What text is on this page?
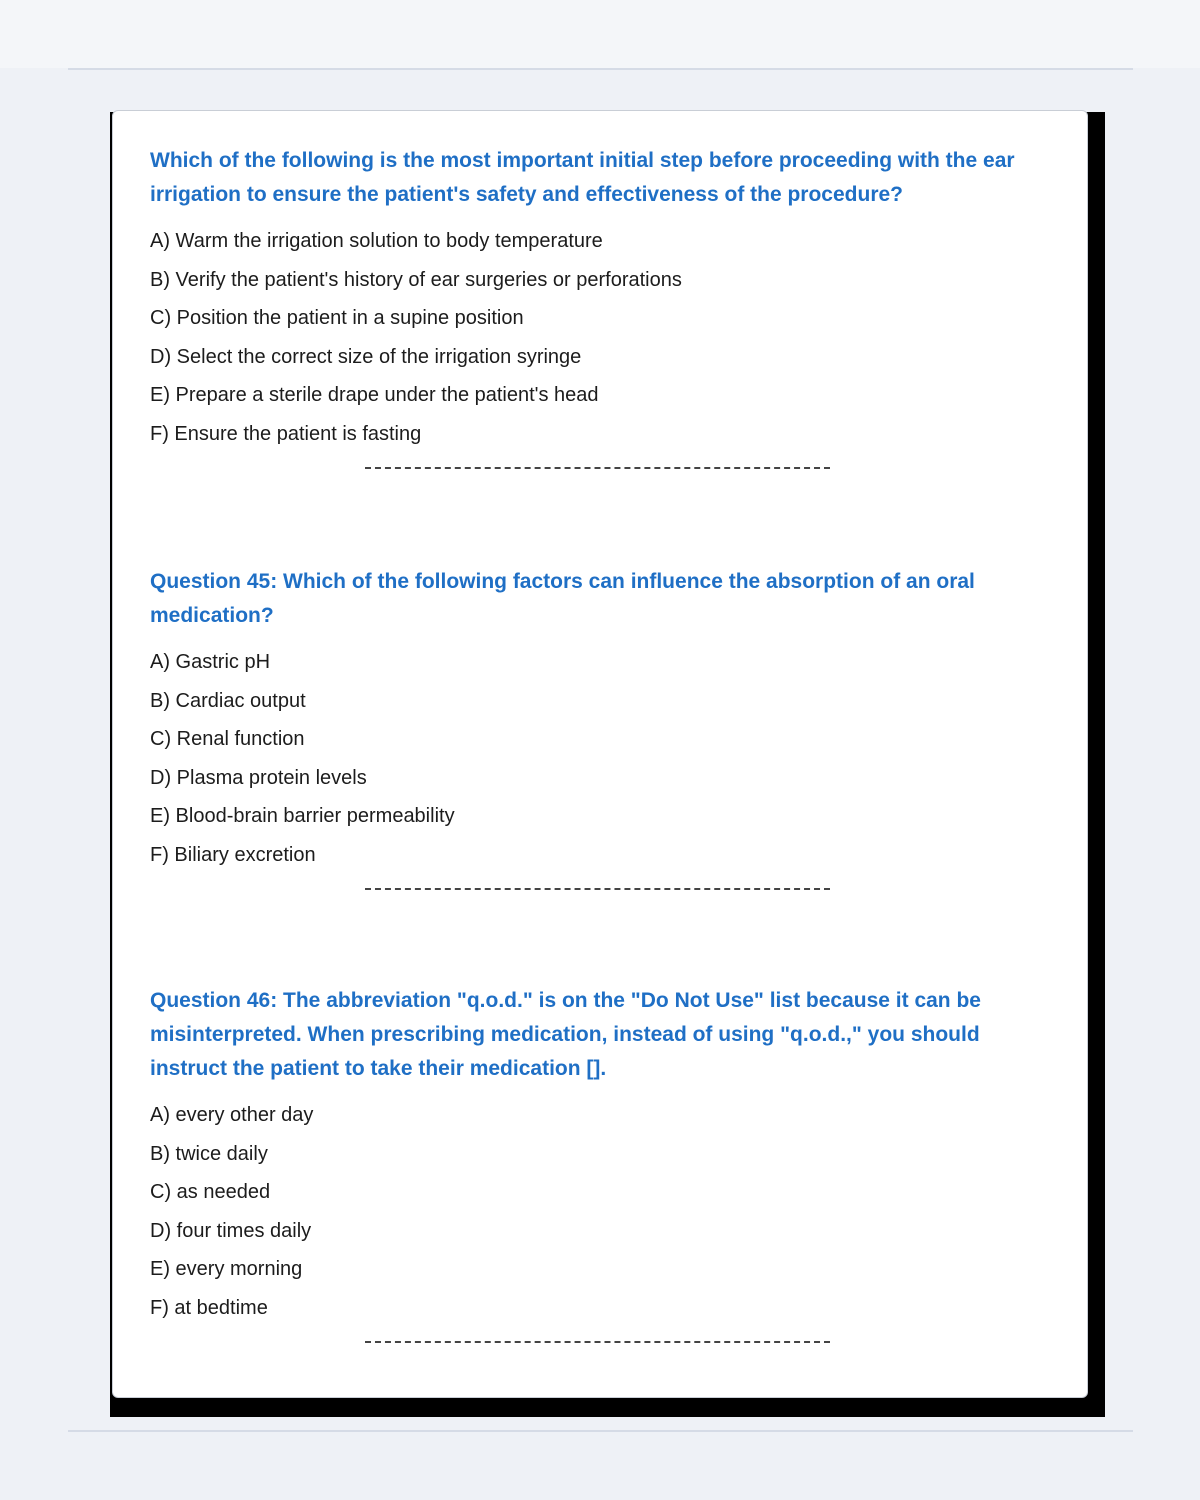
Which of the following is the most important initial step before proceeding with the ear irrigation to ensure the patient's safety and effectiveness of the procedure?

A) Warm the irrigation solution to body temperature
B) Verify the patient's history of ear surgeries or perforations
C) Position the patient in a supine position
D) Select the correct size of the irrigation syringe
E) Prepare a sterile drape under the patient's head
F) Ensure the patient is fasting

Question 45: Which of the following factors can influence the absorption of an oral medication?

A) Gastric pH
B) Cardiac output
C) Renal function
D) Plasma protein levels
E) Blood-brain barrier permeability
F) Biliary excretion

Question 46: The abbreviation "q.o.d." is on the "Do Not Use" list because it can be misinterpreted. When prescribing medication, instead of using "q.o.d.," you should instruct the patient to take their medication [].

A) every other day
B) twice daily
C) as needed
D) four times daily
E) every morning
F) at bedtime
